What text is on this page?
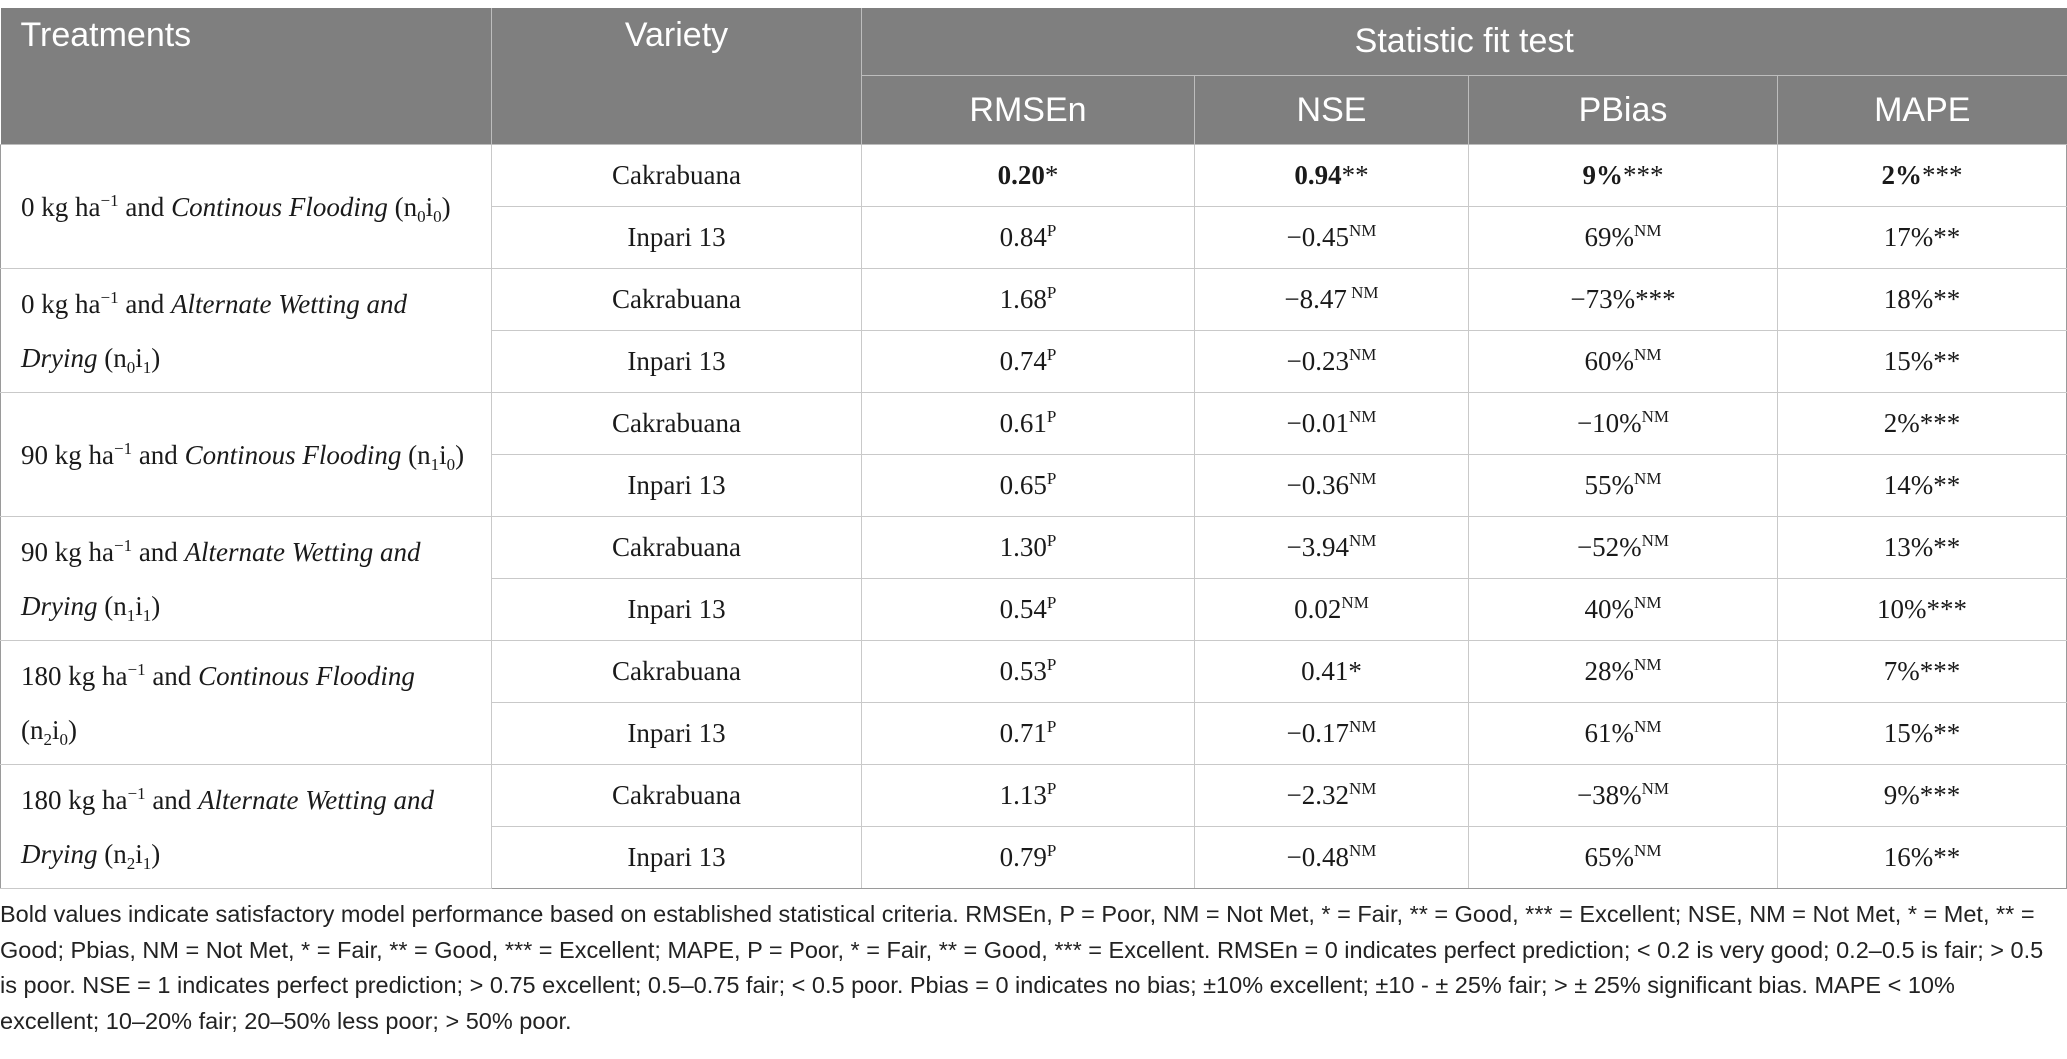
Treatments	Variety	Statistic fit test			
		RMSEn	NSE	PBias	MAPE
0 kg $ha^{-1}$ and Continous Flooding $(n_0i_0)$	Cakrabuana	0.20*	0.94**	9%***	2%***
	Inpari 13	$0.84^P$	$-0.45^{NM}$	69%$^{NM}$	17%**
0 kg $ha^{-1}$ and Alternate Wetting and Drying $(n_0i_1)$	Cakrabuana	$1.68^P$	−8.47 $^{NM}$	−73%***	18%**
	Inpari 13	$0.74^P$	$-0.23^{NM}$	60%$^{NM}$	15%**
90 kg $ha^{-1}$ and Continous Flooding $(n_1i_0)$	Cakrabuana	$0.61^P$	$-0.01^{NM}$	−10%$^{NM}$	2%***
	Inpari 13	$0.65^P$	$-0.36^{NM}$	55%$^{NM}$	14%**
90 kg $ha^{-1}$ and Alternate Wetting and Drying $(n_1i_1)$	Cakrabuana	$1.30^P$	$-3.94^{NM}$	−52%$^{NM}$	13%**
	Inpari 13	$0.54^P$	$0.02^{NM}$	40%$^{NM}$	10%***
180 kg $ha^{-1}$ and Continous Flooding $(n_2i_0)$	Cakrabuana	$0.53^P$	0.41*	28%$^{NM}$	7%***
	Inpari 13	$0.71^P$	$-0.17^{NM}$	61%$^{NM}$	15%**
180 kg $ha^{-1}$ and Alternate Wetting and Drying $(n_2i_1)$	Cakrabuana	$1.13^P$	$-2.32^{NM}$	−38%$^{NM}$	9%***
	Inpari 13	$0.79^P$	$-0.48^{NM}$	65%$^{NM}$	16%**
Bold values indicate satisfactory model performance based on established statistical criteria. RMSEn, P = Poor, NM = Not Met, * = Fair, ** = Good, *** = Excellent; NSE, NM = Not Met, * = Met, ** = Good; Pbias, NM = Not Met, * = Fair, ** = Good, *** = Excellent; MAPE, P = Poor, * = Fair, ** = Good, *** = Excellent. RMSEn = 0 indicates perfect prediction; < 0.2 is very good; 0.2–0.5 is fair; > 0.5 is poor. NSE = 1 indicates perfect prediction; > 0.75 excellent; 0.5–0.75 fair; < 0.5 poor. Pbias = 0 indicates no bias; ±10% excellent; ±10 - ± 25% fair; > ± 25% significant bias. MAPE < 10% excellent; 10–20% fair; 20–50% less poor; > 50% poor.
